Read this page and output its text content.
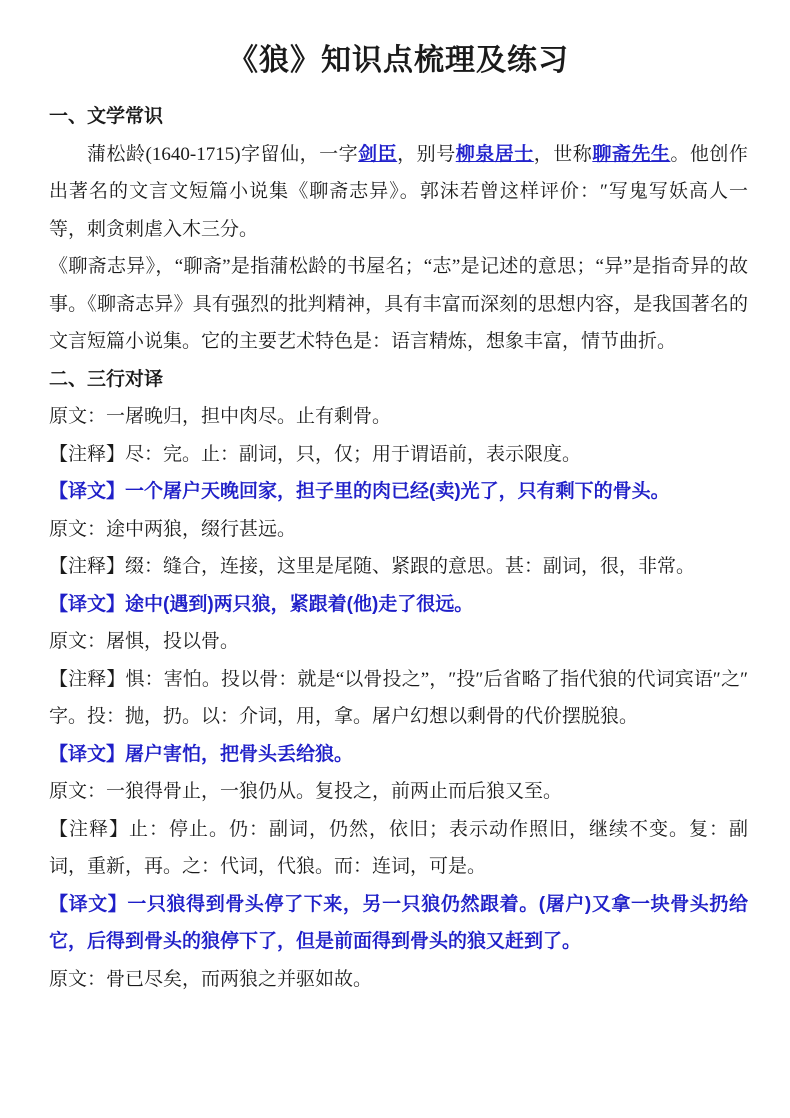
《狼》知识点梳理及练习
一、文学常识

蒲松龄(1640-1715)字留仙，一字剑臣，别号柳泉居士，世称聊斋先生。他创作出著名的文言文短篇小说集《聊斋志异》。郭沫若曾这样评价：″写鬼写妖高人一等，刺贪刺虐入木三分。

《聊斋志异》，“聊斋”是指蒲松龄的书屋名；“志”是记述的意思；“异”是指奇异的故事。《聊斋志异》具有强烈的批判精神，具有丰富而深刻的思想内容，是我国著名的文言短篇小说集。它的主要艺术特色是：语言精炼，想象丰富，情节曲折。

二、三行对译

原文：一屠晚归，担中肉尽。止有剩骨。

【注释】尽：完。止：副词，只，仅；用于谓语前，表示限度。

【译文】一个屠户天晚回家，担子里的肉已经(卖)光了，只有剩下的骨头。

原文：途中两狼，缀行甚远。

【注释】缀：缝合，连接，这里是尾随、紧跟的意思。甚：副词，很，非常。

【译文】途中(遇到)两只狼，紧跟着(他)走了很远。

原文：屠惧，投以骨。

【注释】惧：害怕。投以骨：就是“以骨投之”，″投″后省略了指代狼的代词宾语″之″字。投：抛，扔。以：介词，用，拿。屠户幻想以剩骨的代价摆脱狼。

【译文】屠户害怕，把骨头丢给狼。

原文：一狼得骨止，一狼仍从。复投之，前两止而后狼又至。

【注释】止：停止。仍：副词，仍然，依旧；表示动作照旧，继续不变。复：副词，重新，再。之：代词，代狼。而：连词，可是。

【译文】一只狼得到骨头停了下来，另一只狼仍然跟着。(屠户)又拿一块骨头扔给它，后得到骨头的狼停下了，但是前面得到骨头的狼又赶到了。

原文：骨已尽矣，而两狼之并驱如故。
